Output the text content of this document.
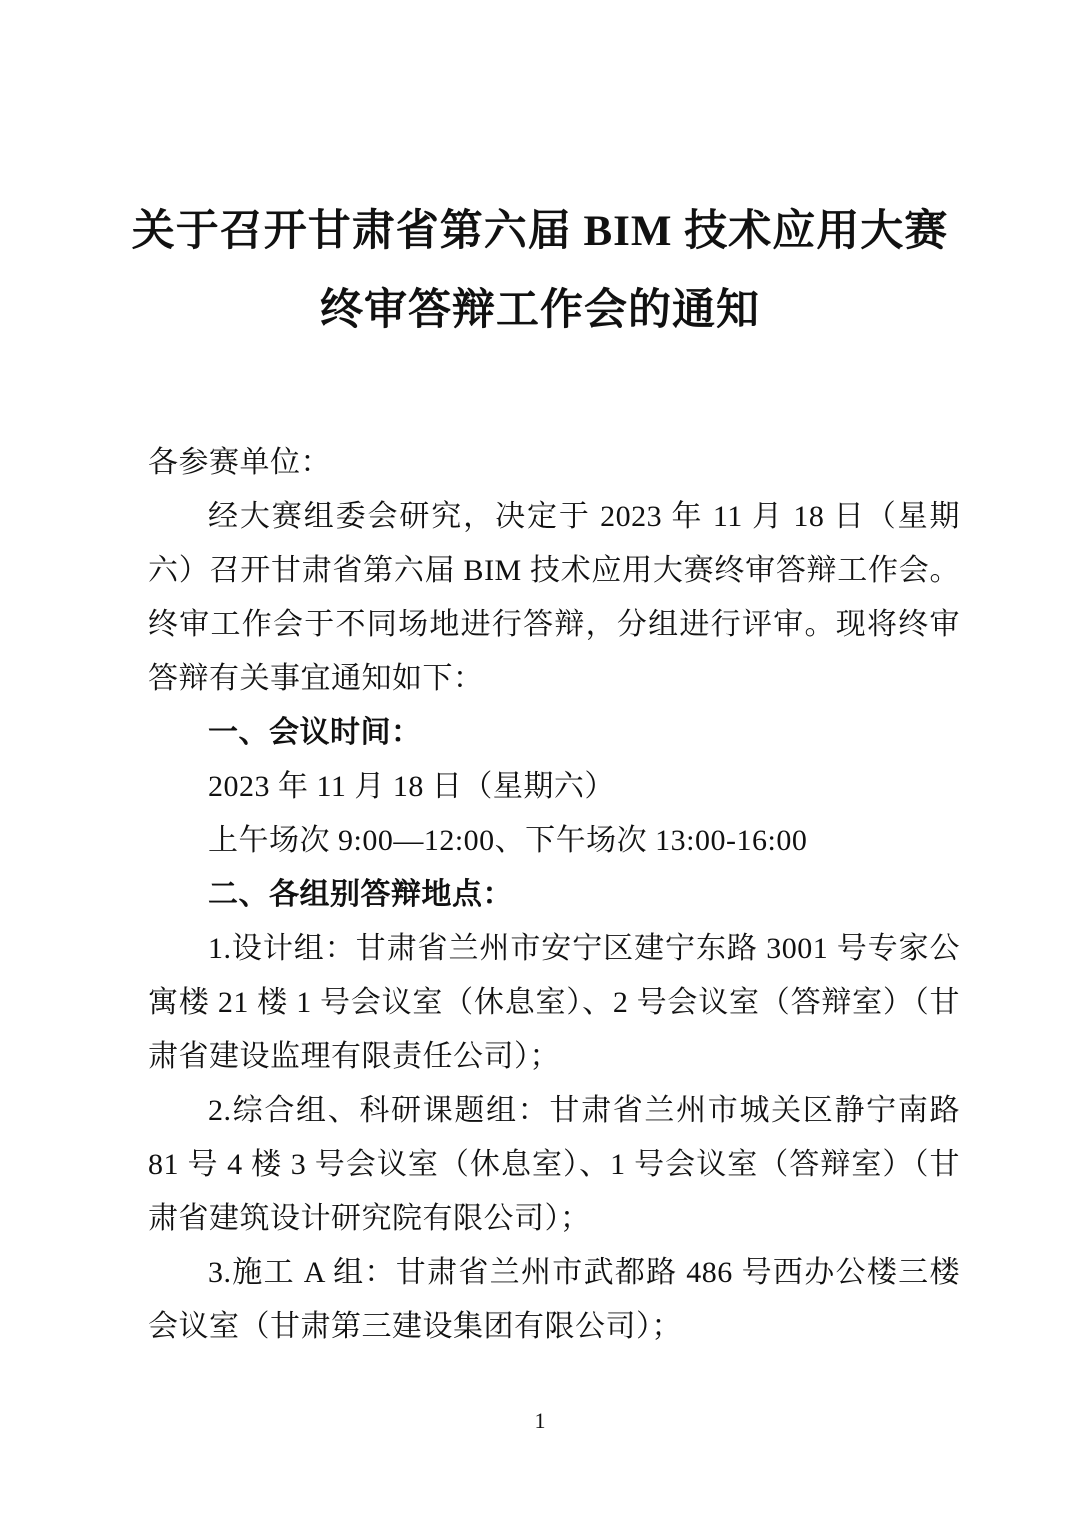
关于召开甘肃省第六届 BIM 技术应用大赛
终审答辩工作会的通知

各参赛单位：

经大赛组委会研究，决定于 2023 年 11 月 18 日（星期六）召开甘肃省第六届 BIM 技术应用大赛终审答辩工作会。终审工作会于不同场地进行答辩，分组进行评审。现将终审答辩有关事宜通知如下：

一、会议时间：

2023 年 11 月 18 日（星期六）

上午场次 9:00—12:00、下午场次 13:00-16:00

二、各组别答辩地点：

1.设计组：甘肃省兰州市安宁区建宁东路 3001 号专家公寓楼 21 楼 1 号会议室（休息室）、2 号会议室（答辩室）（甘肃省建设监理有限责任公司）；

2.综合组、科研课题组：甘肃省兰州市城关区静宁南路 81 号 4 楼 3 号会议室（休息室）、1 号会议室（答辩室）（甘肃省建筑设计研究院有限公司）；

3.施工 A 组：甘肃省兰州市武都路 486 号西办公楼三楼会议室（甘肃第三建设集团有限公司）；

1
